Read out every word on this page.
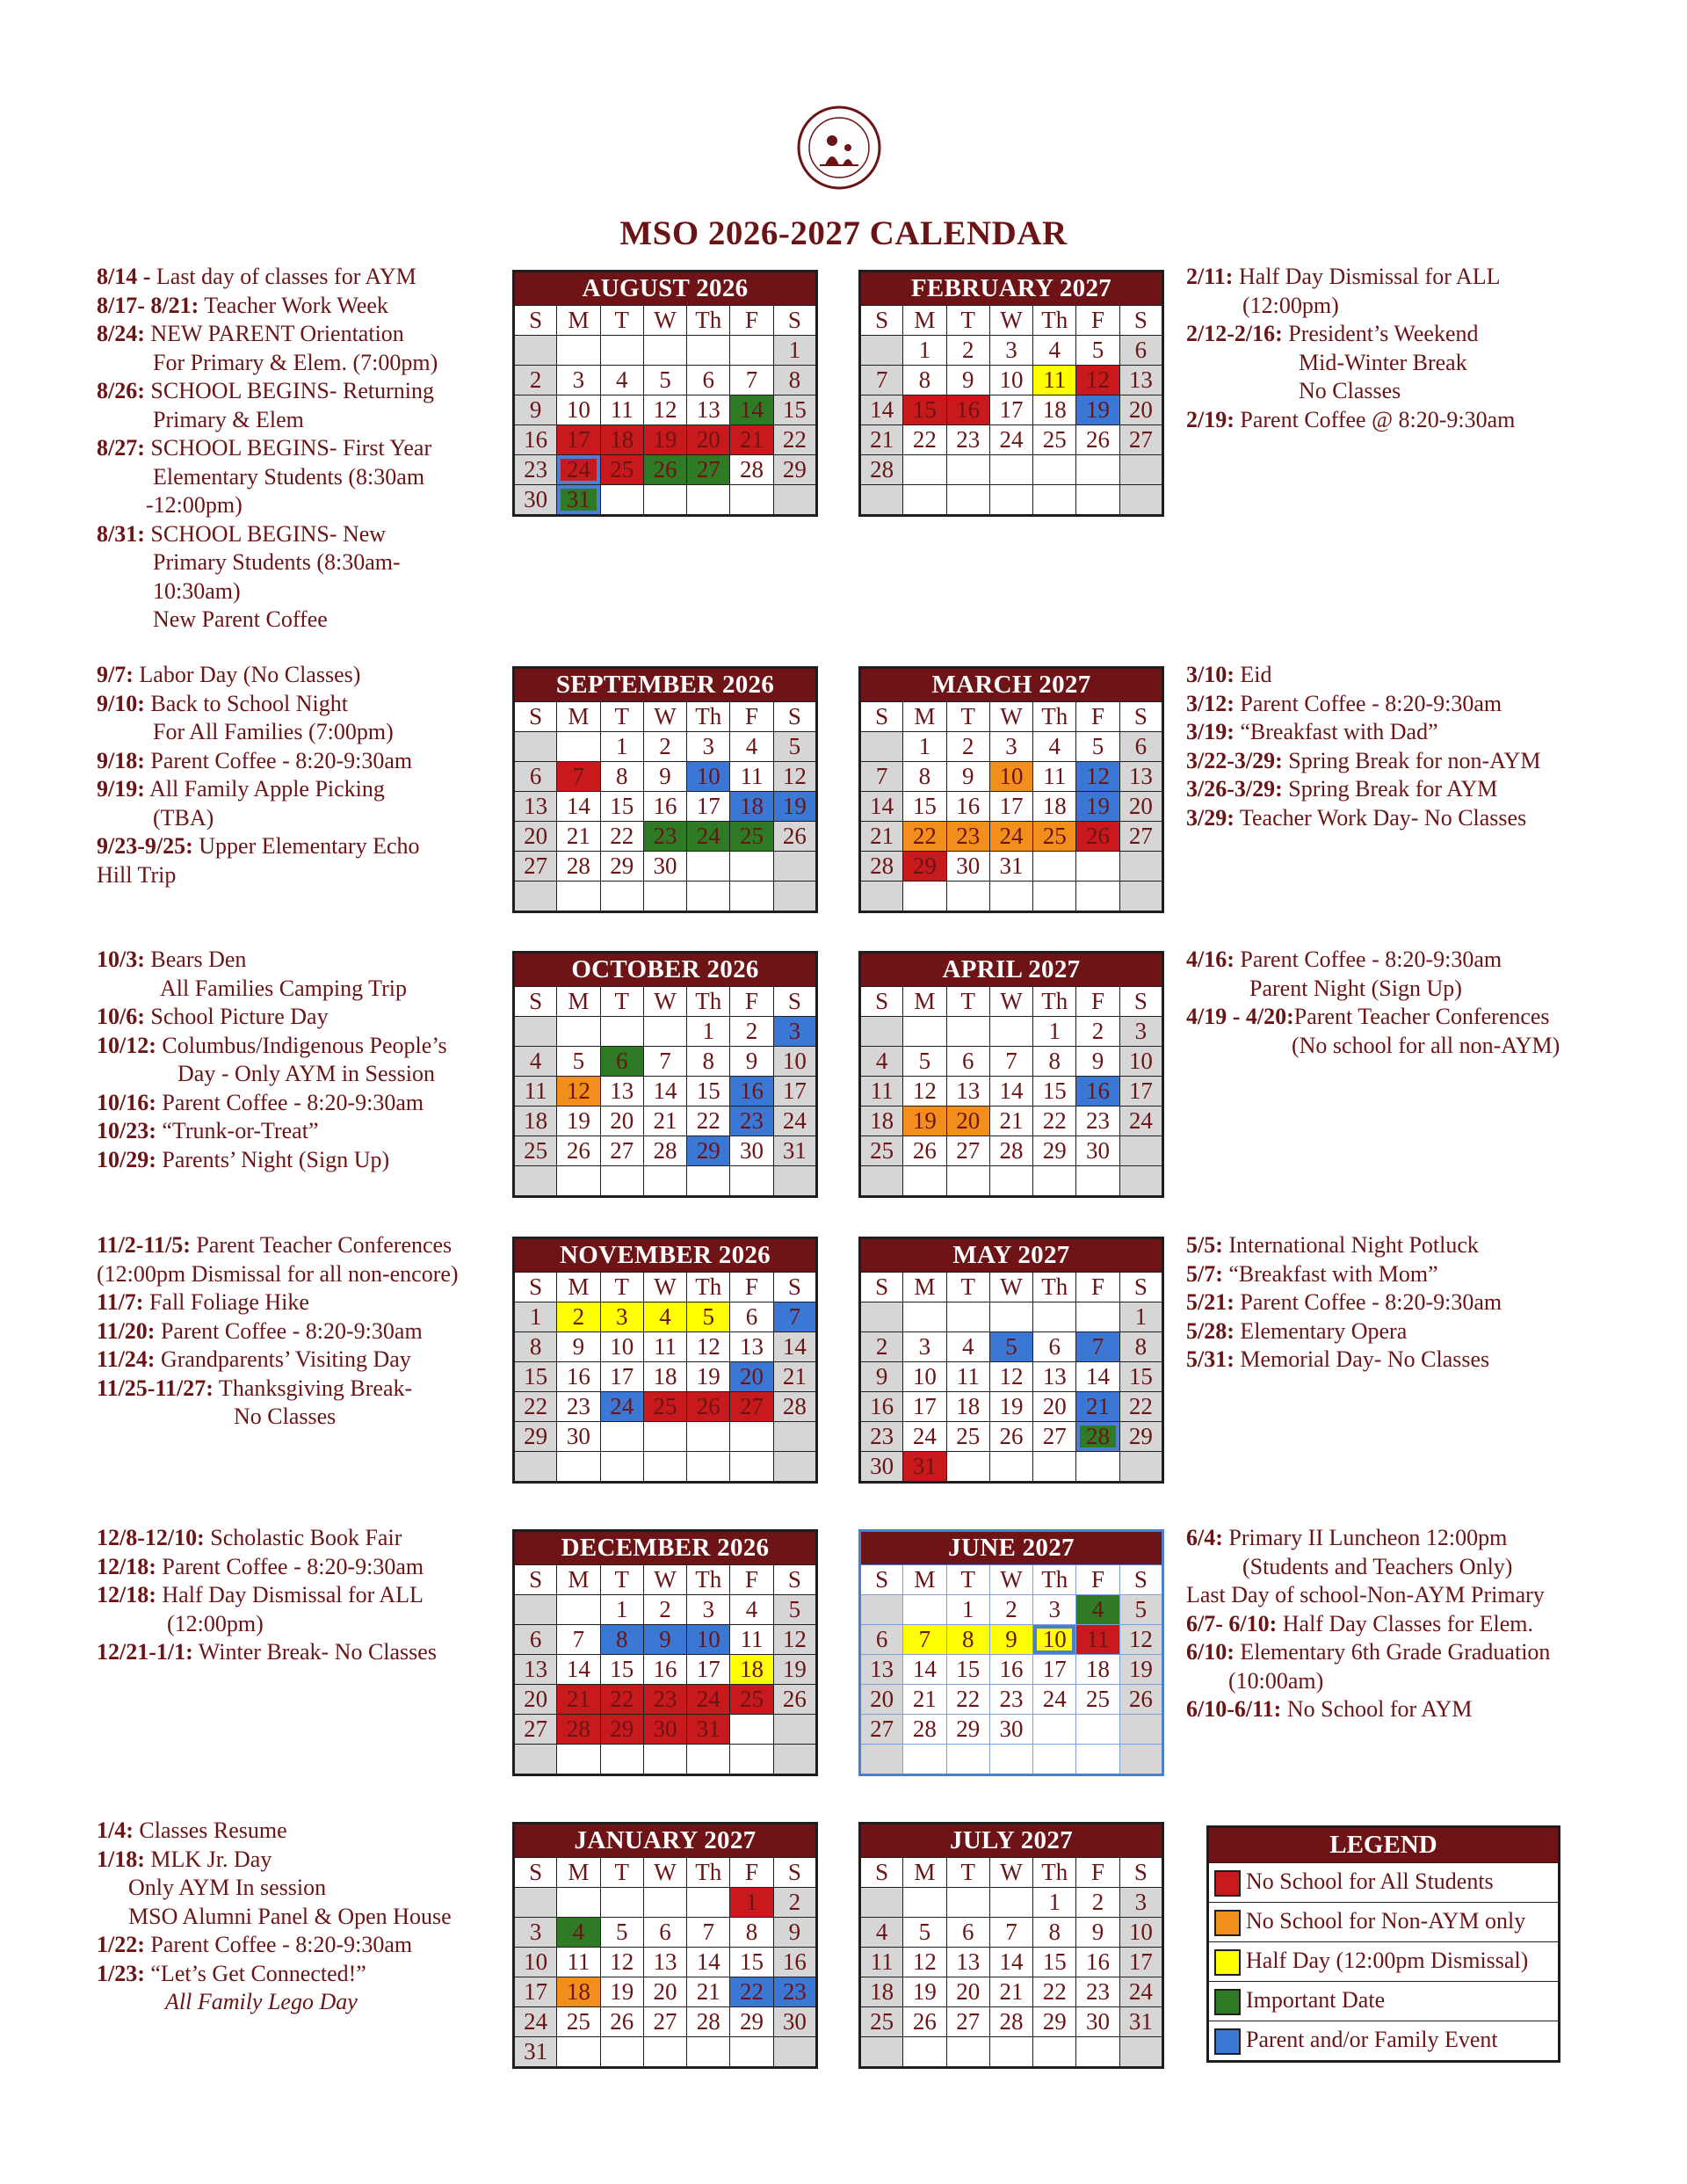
MSO 2026-2027 CALENDAR
AUGUST 2026						
S	M	T	W	Th	F	S
						1
2	3	4	5	6	7	8
9	10	11	12	13	14	15
16	17	18	19	20	21	22
23	24	25	26	27	28	29
30	31					
FEBRUARY 2027						
S	M	T	W	Th	F	S
	1	2	3	4	5	6
7	8	9	10	11	12	13
14	15	16	17	18	19	20
21	22	23	24	25	26	27
28						

SEPTEMBER 2026						
S	M	T	W	Th	F	S
		1	2	3	4	5
6	7	8	9	10	11	12
13	14	15	16	17	18	19
20	21	22	23	24	25	26
27	28	29	30			

MARCH 2027						
S	M	T	W	Th	F	S
	1	2	3	4	5	6
7	8	9	10	11	12	13
14	15	16	17	18	19	20
21	22	23	24	25	26	27
28	29	30	31			

OCTOBER 2026						
S	M	T	W	Th	F	S
				1	2	3
4	5	6	7	8	9	10
11	12	13	14	15	16	17
18	19	20	21	22	23	24
25	26	27	28	29	30	31

APRIL 2027						
S	M	T	W	Th	F	S
				1	2	3
4	5	6	7	8	9	10
11	12	13	14	15	16	17
18	19	20	21	22	23	24
25	26	27	28	29	30	

NOVEMBER 2026						
S	M	T	W	Th	F	S
1	2	3	4	5	6	7
8	9	10	11	12	13	14
15	16	17	18	19	20	21
22	23	24	25	26	27	28
29	30					

MAY 2027						
S	M	T	W	Th	F	S
						1
2	3	4	5	6	7	8
9	10	11	12	13	14	15
16	17	18	19	20	21	22
23	24	25	26	27	28	29
30	31					
DECEMBER 2026						
S	M	T	W	Th	F	S
		1	2	3	4	5
6	7	8	9	10	11	12
13	14	15	16	17	18	19
20	21	22	23	24	25	26
27	28	29	30	31		

JUNE 2027						
S	M	T	W	Th	F	S
		1	2	3	4	5
6	7	8	9	10	11	12
13	14	15	16	17	18	19
20	21	22	23	24	25	26
27	28	29	30			

JANUARY 2027						
S	M	T	W	Th	F	S
					1	2
3	4	5	6	7	8	9
10	11	12	13	14	15	16
17	18	19	20	21	22	23
24	25	26	27	28	29	30
31						
JULY 2027						
S	M	T	W	Th	F	S
				1	2	3
4	5	6	7	8	9	10
11	12	13	14	15	16	17
18	19	20	21	22	23	24
25	26	27	28	29	30	31

8/14 - Last day of classes for AYM
8/17- 8/21: Teacher Work Week
8/24: NEW PARENT Orientation
For Primary & Elem. (7:00pm)
8/26: SCHOOL BEGINS- Returning
Primary & Elem
8/27: SCHOOL BEGINS- First Year
Elementary Students (8:30am
-12:00pm)
8/31: SCHOOL BEGINS- New
Primary Students (8:30am-
10:30am)
New Parent Coffee
2/11: Half Day Dismissal for ALL
(12:00pm)
2/12-2/16: President’s Weekend
Mid-Winter Break
No Classes
2/19: Parent Coffee @ 8:20-9:30am
9/7: Labor Day (No Classes)
9/10: Back to School Night
For All Families (7:00pm)
9/18: Parent Coffee - 8:20-9:30am
9/19: All Family Apple Picking
(TBA)
9/23-9/25: Upper Elementary Echo
Hill Trip
3/10: Eid
3/12: Parent Coffee - 8:20-9:30am
3/19: “Breakfast with Dad”
3/22-3/29: Spring Break for non-AYM
3/26-3/29: Spring Break for AYM
3/29: Teacher Work Day- No Classes
10/3: Bears Den
All Families Camping Trip
10/6: School Picture Day
10/12: Columbus/Indigenous People’s
Day - Only AYM in Session
10/16: Parent Coffee - 8:20-9:30am
10/23: “Trunk-or-Treat”
10/29: Parents’ Night (Sign Up)
4/16: Parent Coffee - 8:20-9:30am
Parent Night (Sign Up)
4/19 - 4/20:Parent Teacher Conferences
(No school for all non-AYM)
11/2-11/5: Parent Teacher Conferences
(12:00pm Dismissal for all non-encore)
11/7: Fall Foliage Hike
11/20: Parent Coffee - 8:20-9:30am
11/24: Grandparents’ Visiting Day
11/25-11/27: Thanksgiving Break-
No Classes
5/5: International Night Potluck
5/7: “Breakfast with Mom”
5/21: Parent Coffee - 8:20-9:30am
5/28: Elementary Opera
5/31: Memorial Day- No Classes
12/8-12/10: Scholastic Book Fair
12/18: Parent Coffee - 8:20-9:30am
12/18: Half Day Dismissal for ALL
(12:00pm)
12/21-1/1: Winter Break- No Classes
6/4: Primary II Luncheon 12:00pm
(Students and Teachers Only)
Last Day of school-Non-AYM Primary
6/7- 6/10: Half Day Classes for Elem.
6/10: Elementary 6th Grade Graduation
(10:00am)
6/10-6/11: No School for AYM
1/4: Classes Resume
1/18: MLK Jr. Day
Only AYM In session
MSO Alumni Panel & Open House
1/22: Parent Coffee - 8:20-9:30am
1/23: “Let’s Get Connected!”
All Family Lego Day
LEGEND
No School for All Students
No School for Non-AYM only
Half Day (12:00pm Dismissal)
Important Date
Parent and/or Family Event
